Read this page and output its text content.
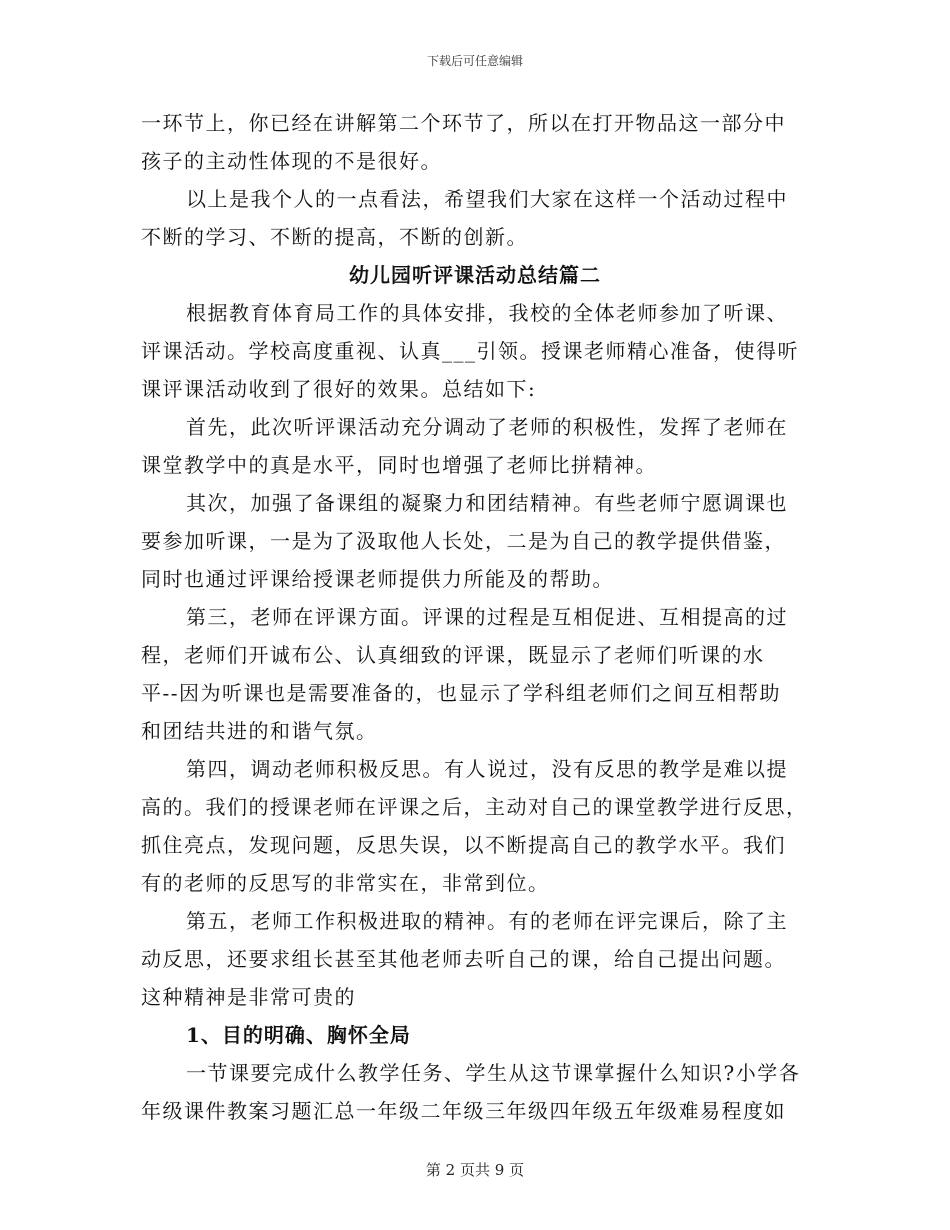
下载后可任意编辑
一环节上，你已经在讲解第二个环节了，所以在打开物品这一部分中
孩子的主动性体现的不是很好。
以上是我个人的一点看法，希望我们大家在这样一个活动过程中
不断的学习、不断的提高，不断的创新。
幼儿园听评课活动总结篇二
根据教育体育局工作的具体安排，我校的全体老师参加了听课、
评课活动。学校高度重视、认真___引领。授课老师精心准备，使得听
课评课活动收到了很好的效果。总结如下:
首先，此次听评课活动充分调动了老师的积极性，发挥了老师在
课堂教学中的真是水平，同时也增强了老师比拼精神。
其次，加强了备课组的凝聚力和团结精神。有些老师宁愿调课也
要参加听课，一是为了汲取他人长处，二是为自己的教学提供借鉴，
同时也通过评课给授课老师提供力所能及的帮助。
第三，老师在评课方面。评课的过程是互相促进、互相提高的过
程，老师们开诚布公、认真细致的评课，既显示了老师们听课的水
平--因为听课也是需要准备的，也显示了学科组老师们之间互相帮助
和团结共进的和谐气氛。
第四，调动老师积极反思。有人说过，没有反思的教学是难以提
高的。我们的授课老师在评课之后，主动对自己的课堂教学进行反思，
抓住亮点，发现问题，反思失误，以不断提高自己的教学水平。我们
有的老师的反思写的非常实在，非常到位。
第五，老师工作积极进取的精神。有的老师在评完课后，除了主
动反思，还要求组长甚至其他老师去听自己的课，给自己提出问题。
这种精神是非常可贵的
1、目的明确、胸怀全局
一节课要完成什么教学任务、学生从这节课掌握什么知识?小学各
年级课件教案习题汇总一年级二年级三年级四年级五年级难易程度如
第 2 页共 9 页
